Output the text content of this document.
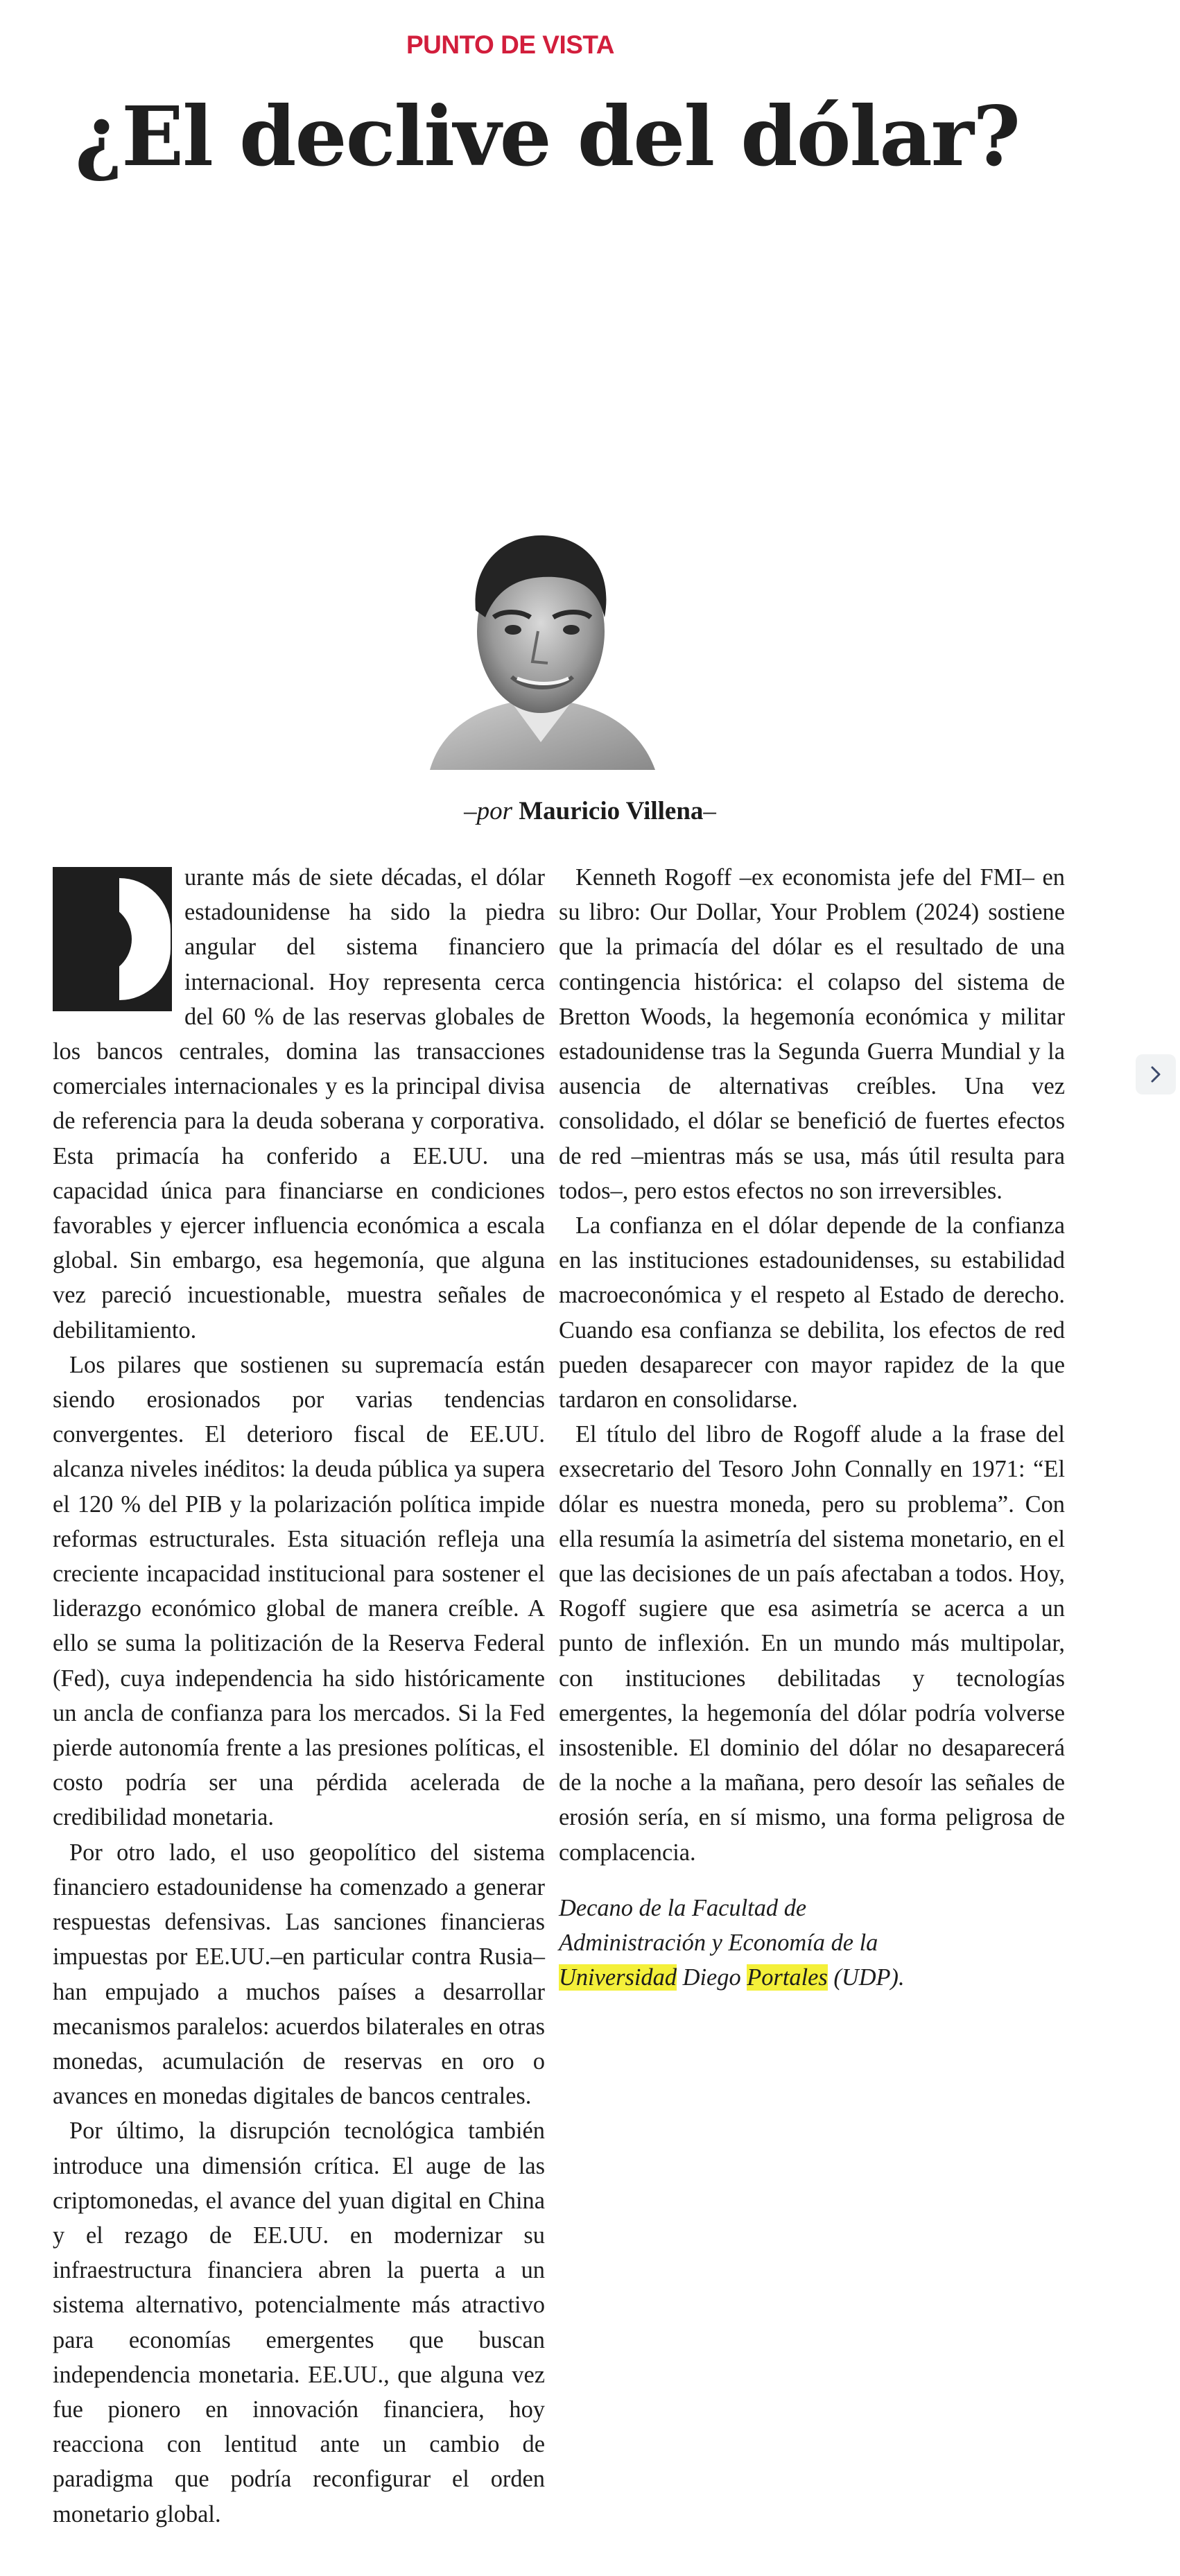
PUNTO DE VISTA
¿El declive del dólar?
–por Mauricio Villena–

urante más de siete décadas, el dólar estadounidense ha sido la piedra angular del sistema financiero internacional. Hoy representa cerca del 60 % de las reservas globales de los bancos centrales, domina las transacciones comerciales internacionales y es la principal divisa de referencia para la deuda soberana y corporativa. Esta primacía ha conferido a EE.UU. una capacidad única para financiarse en condiciones favorables y ejercer influencia económica a escala global. Sin embargo, esa hegemonía, que alguna vez pareció incuestionable, muestra señales de debilitamiento.

Los pilares que sostienen su supremacía están siendo erosionados por varias tendencias convergentes. El deterioro fiscal de EE.UU. alcanza niveles inéditos: la deuda pública ya supera el 120 % del PIB y la polarización política impide reformas estructurales. Esta situación refleja una creciente incapacidad institucional para sostener el liderazgo económico global de manera creíble. A ello se suma la politización de la Reserva Federal (Fed), cuya independencia ha sido históricamente un ancla de confianza para los mercados. Si la Fed pierde autonomía frente a las presiones políticas, el costo podría ser una pérdida acelerada de credibilidad monetaria.

Por otro lado, el uso geopolítico del sistema financiero estadounidense ha comenzado a generar respuestas defensivas. Las sanciones financieras impuestas por EE.UU.–en particular contra Rusia– han empujado a muchos países a desarrollar mecanismos paralelos: acuerdos bilaterales en otras monedas, acumulación de reservas en oro o avances en monedas digitales de bancos centrales.

Por último, la disrupción tecnológica también introduce una dimensión crítica. El auge de las criptomonedas, el avance del yuan digital en China y el rezago de EE.UU. en modernizar su infraestructura financiera abren la puerta a un sistema alternativo, potencialmente más atractivo para economías emergentes que buscan independencia monetaria. EE.UU., que alguna vez fue pionero en innovación financiera, hoy reacciona con lentitud ante un cambio de paradigma que podría reconfigurar el orden monetario global.

Kenneth Rogoff –ex economista jefe del FMI– en su libro: Our Dollar, Your Problem (2024) sostiene que la primacía del dólar es el resultado de una contingencia histórica: el colapso del sistema de Bretton Woods, la hegemonía económica y militar estadounidense tras la Segunda Guerra Mundial y la ausencia de alternativas creíbles. Una vez consolidado, el dólar se benefició de fuertes efectos de red –mientras más se usa, más útil resulta para todos–, pero estos efectos no son irreversibles.

La confianza en el dólar depende de la confianza en las instituciones estadounidenses, su estabilidad macroeconómica y el respeto al Estado de derecho. Cuando esa confianza se debilita, los efectos de red pueden desaparecer con mayor rapidez de la que tardaron en consolidarse.

El título del libro de Rogoff alude a la frase del exsecretario del Tesoro John Connally en 1971: “El dólar es nuestra moneda, pero su problema”. Con ella resumía la asimetría del sistema monetario, en el que las decisiones de un país afectaban a todos. Hoy, Rogoff sugiere que esa asimetría se acerca a un punto de inflexión. En un mundo más multipolar, con instituciones debilitadas y tecnologías emergentes, la hegemonía del dólar podría volverse insostenible. El dominio del dólar no desaparecerá de la noche a la mañana, pero desoír las señales de erosión sería, en sí mismo, una forma peligrosa de complacencia.

Decano de la Facultad de
Administración y Economía de la
Universidad Diego Portales (UDP).
